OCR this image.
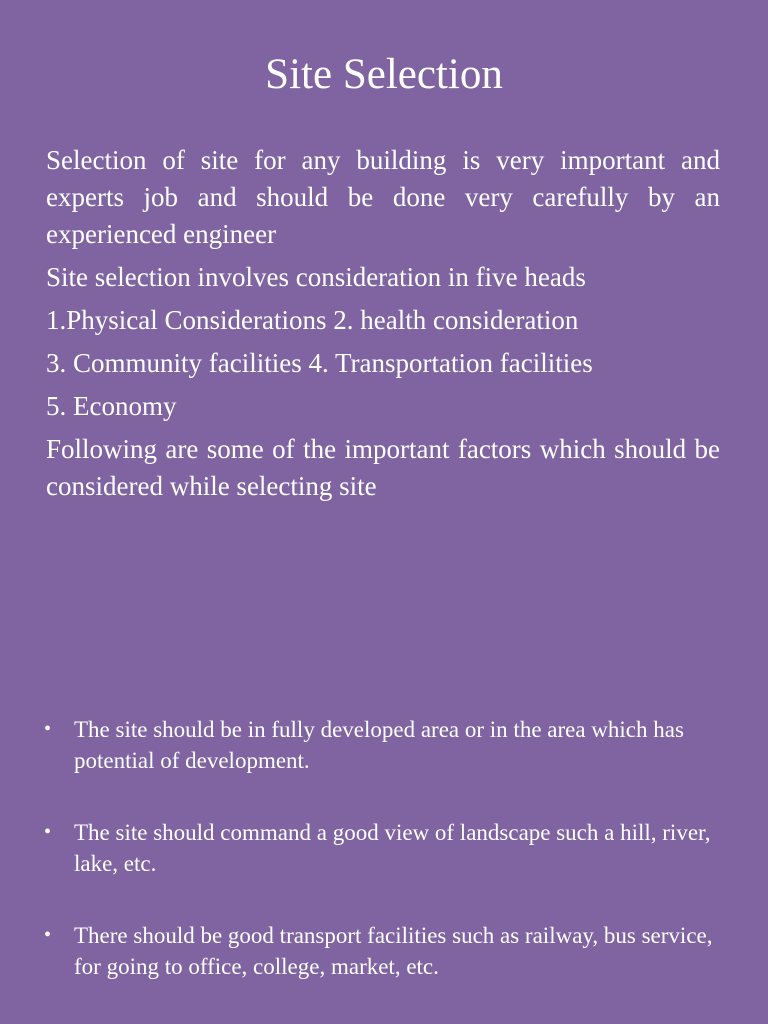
Site Selection

Selection of site for any building is very important and experts job and should be done very carefully by an experienced engineer

Site selection involves consideration in five heads

1.Physical Considerations 2. health consideration

3. Community facilities 4. Transportation facilities

5. Economy

Following are some of the important factors which should be considered while selecting site

• The site should be in fully developed area or in the area which has potential of development.
• The site should command a good view of landscape such a hill, river, lake, etc.
• There should be good transport facilities such as railway, bus service, for going to office, college, market, etc.
